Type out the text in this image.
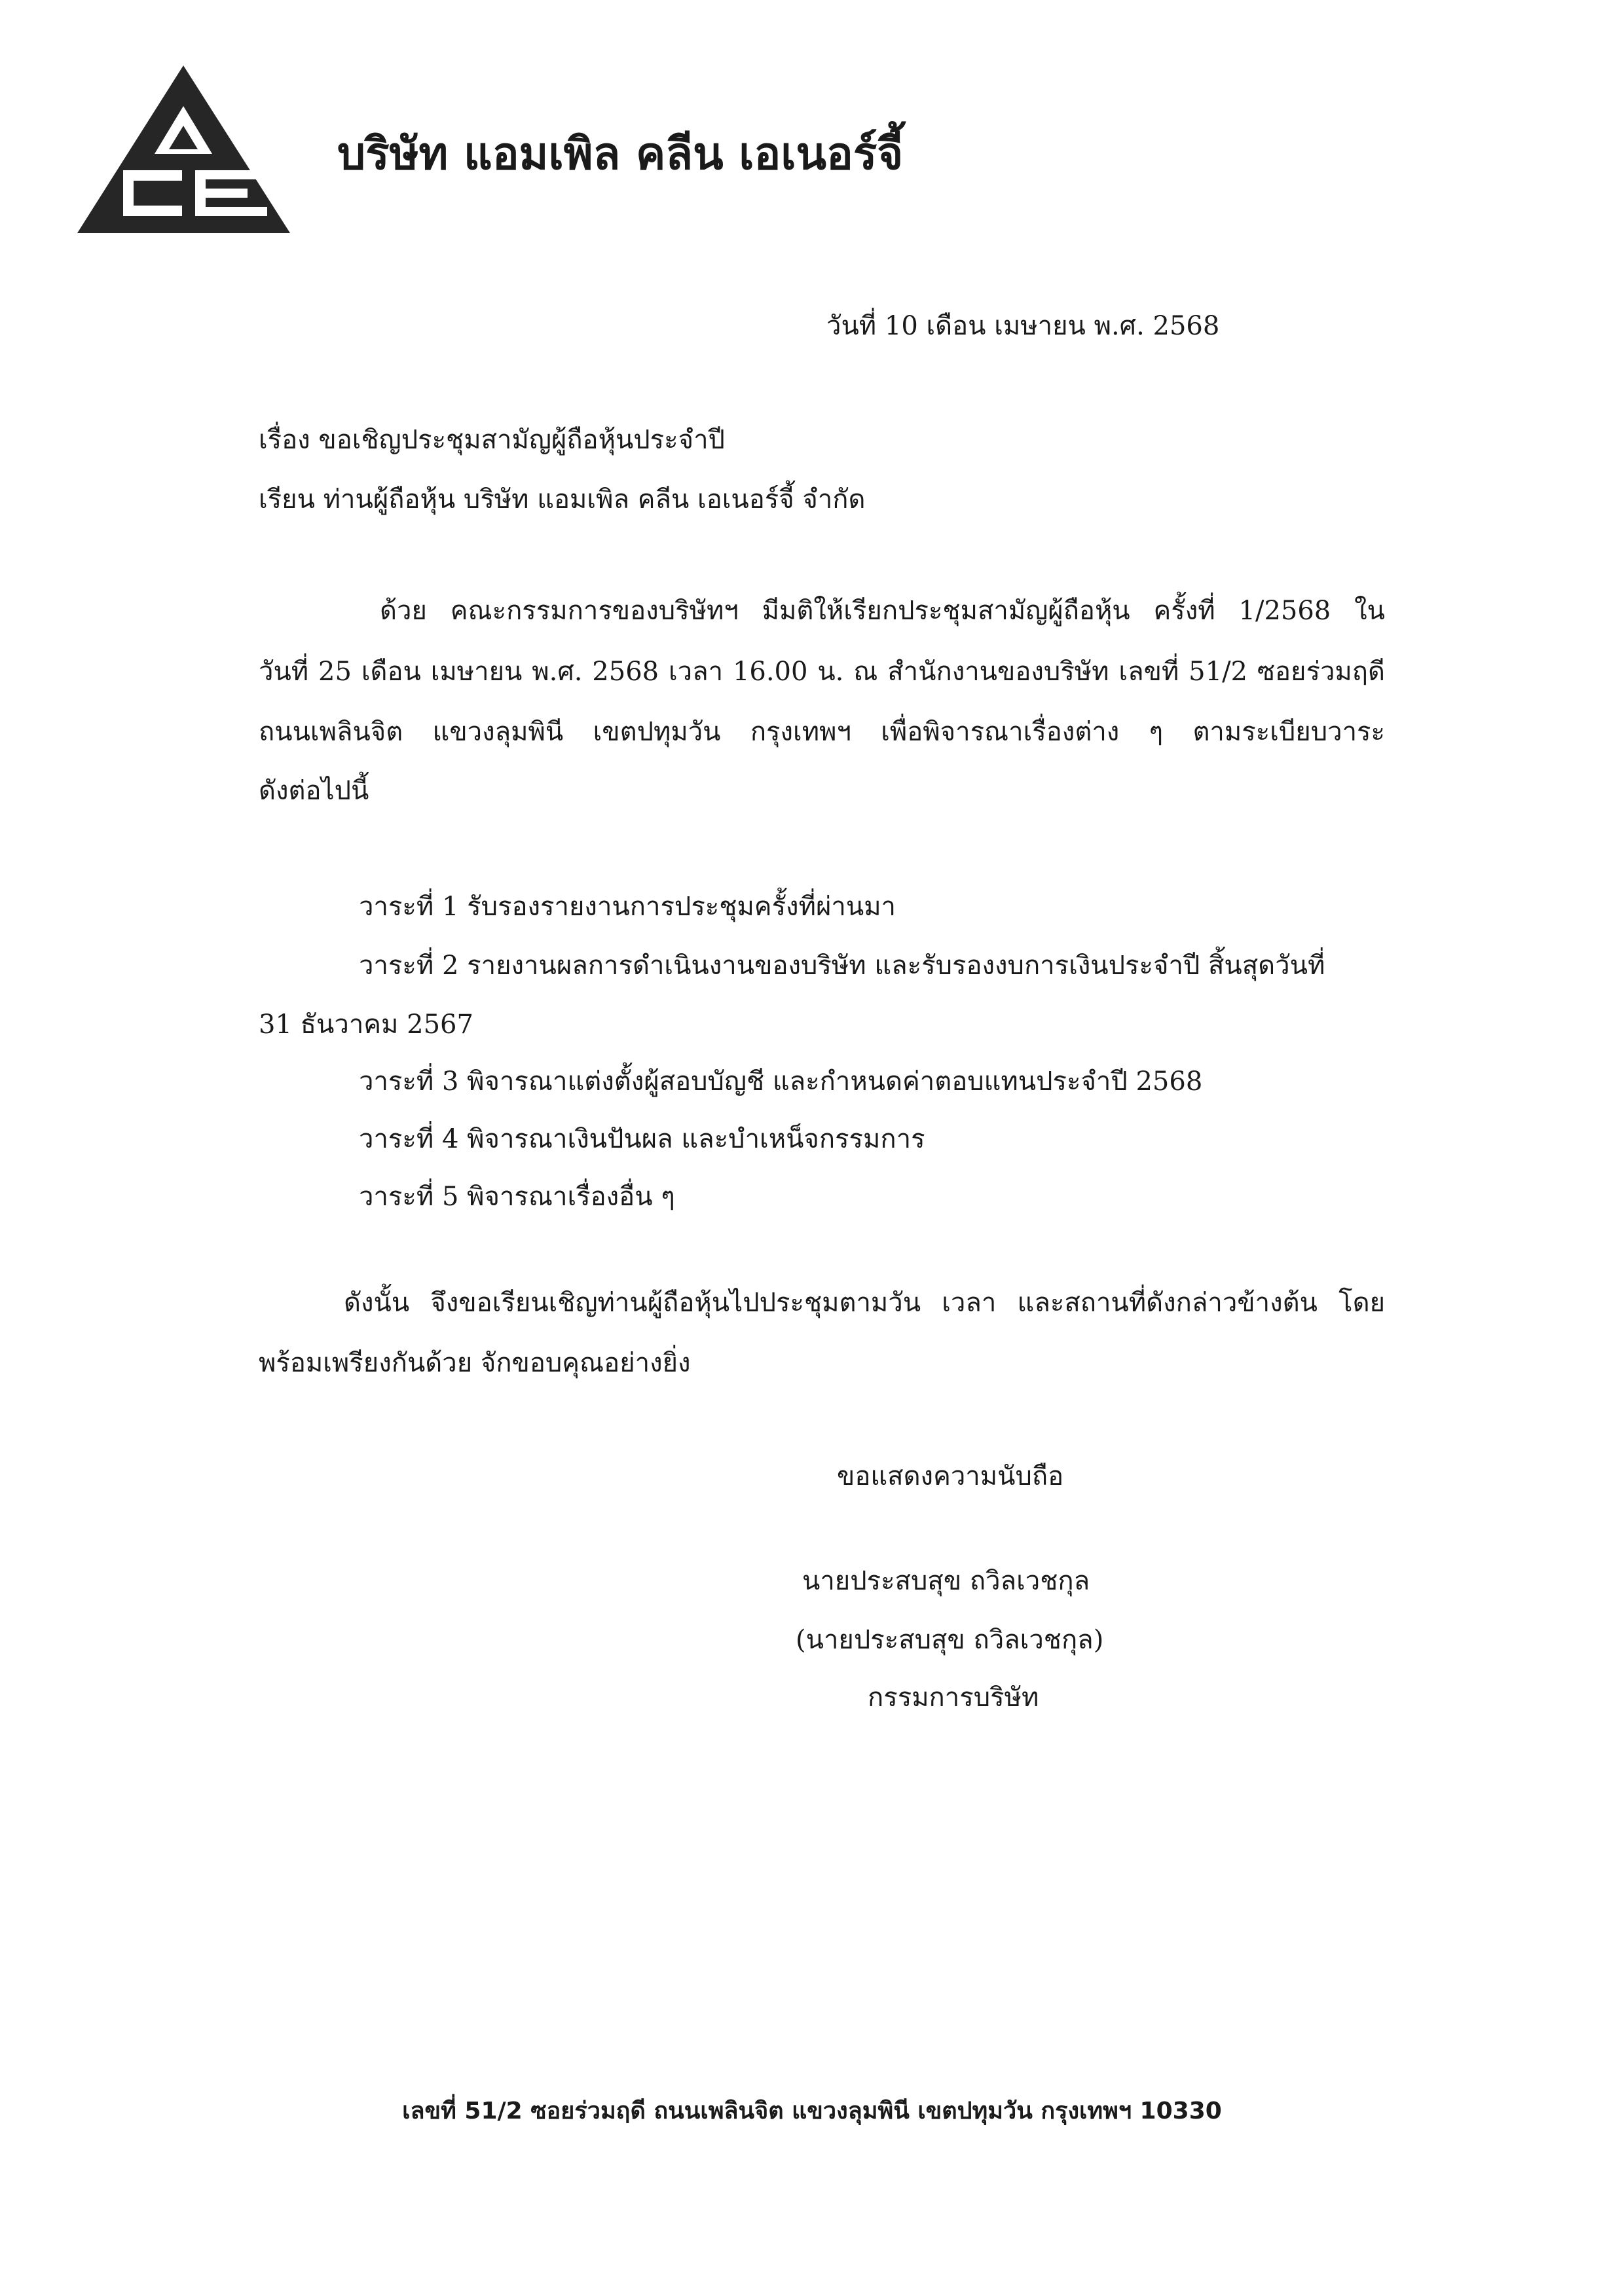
บริษัท แอมเพิล คลีน เอเนอร์จี้
วันที่ 10 เดือน เมษายน พ.ศ. 2568
เรื่อง ขอเชิญประชุมสามัญผู้ถือหุ้นประจำปี
เรียน ท่านผู้ถือหุ้น บริษัท แอมเพิล คลีน เอเนอร์จี้ จำกัด
ด้วย คณะกรรมการของบริษัทฯ มีมติให้เรียกประชุมสามัญผู้ถือหุ้น ครั้งที่ 1/2568 ใน
วันที่ 25 เดือน เมษายน พ.ศ. 2568 เวลา 16.00 น. ณ สำนักงานของบริษัท เลขที่ 51/2 ซอยร่วมฤดี
ถนนเพลินจิต แขวงลุมพินี เขตปทุมวัน กรุงเทพฯ เพื่อพิจารณาเรื่องต่าง ๆ ตามระเบียบวาระ
ดังต่อไปนี้
วาระที่ 1 รับรองรายงานการประชุมครั้งที่ผ่านมา
วาระที่ 2 รายงานผลการดำเนินงานของบริษัท และรับรองงบการเงินประจำปี สิ้นสุดวันที่
31 ธันวาคม 2567
วาระที่ 3 พิจารณาแต่งตั้งผู้สอบบัญชี และกำหนดค่าตอบแทนประจำปี 2568
วาระที่ 4 พิจารณาเงินปันผล และบำเหน็จกรรมการ
วาระที่ 5 พิจารณาเรื่องอื่น ๆ
ดังนั้น จึงขอเรียนเชิญท่านผู้ถือหุ้นไปประชุมตามวัน เวลา และสถานที่ดังกล่าวข้างต้น โดย
พร้อมเพรียงกันด้วย จักขอบคุณอย่างยิ่ง
ขอแสดงความนับถือ
นายประสบสุข ถวิลเวชกุล
(นายประสบสุข ถวิลเวชกุล)
กรรมการบริษัท
เลขที่ 51/2 ซอยร่วมฤดี ถนนเพลินจิต แขวงลุมพินี เขตปทุมวัน กรุงเทพฯ 10330
